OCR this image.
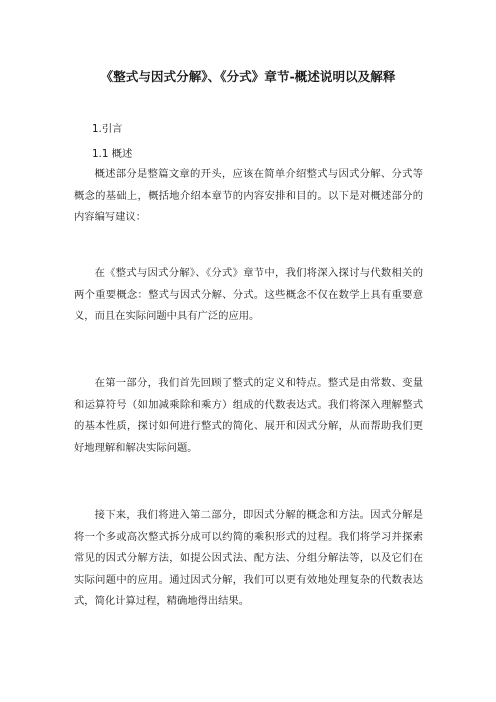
《整式与因式分解》、《分式》章节-概述说明以及解释
1.引言
1.1 概述

概述部分是整篇文章的开头，应该在简单介绍整式与因式分解、分式等概念的基础上，概括地介绍本章节的内容安排和目的。以下是对概述部分的内容编写建议：

在《整式与因式分解》、《分式》章节中，我们将深入探讨与代数相关的两个重要概念：整式与因式分解、分式。这些概念不仅在数学上具有重要意义，而且在实际问题中具有广泛的应用。

在第一部分，我们首先回顾了整式的定义和特点。整式是由常数、变量和运算符号（如加减乘除和乘方）组成的代数表达式。我们将深入理解整式的基本性质，探讨如何进行整式的简化、展开和因式分解，从而帮助我们更好地理解和解决实际问题。

接下来，我们将进入第二部分，即因式分解的概念和方法。因式分解是将一个多或高次整式拆分成可以约简的乘积形式的过程。我们将学习并探索常见的因式分解方法，如提公因式法、配方法、分组分解法等，以及它们在实际问题中的应用。通过因式分解，我们可以更有效地处理复杂的代数表达式，简化计算过程，精确地得出结果。
